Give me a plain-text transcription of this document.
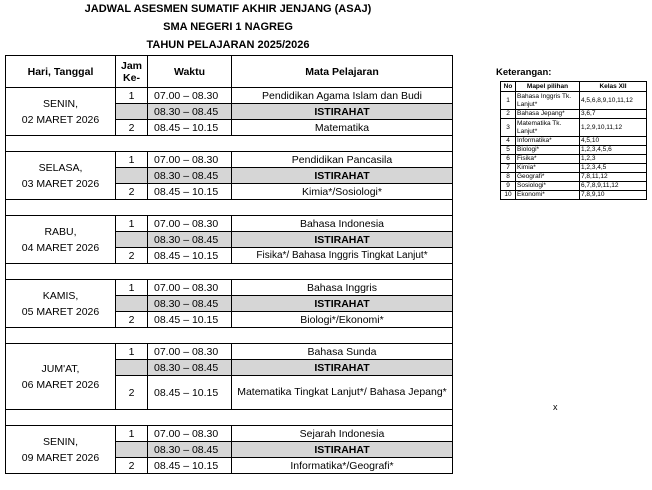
JADWAL ASESMEN SUMATIF AKHIR JENJANG (ASAJ)
SMA NEGERI 1 NAGREG
TAHUN PELAJARAN 2025/2026
Hari, Tanggal	Jam Ke-	Waktu	Mata Pelajaran

SENIN,
02 MARET 2026	1	07.00 – 08.30	Pendidikan Agama Islam dan Budi
		08.30 – 08.45	ISTIRAHAT
	2	08.45 – 10.15	Matematika

SELASA,
03 MARET 2026	1	07.00 – 08.30	Pendidikan Pancasila
		08.30 – 08.45	ISTIRAHAT
	2	08.45 – 10.15	Kimia*/Sosiologi*

RABU,
04 MARET 2026	1	07.00 – 08.30	Bahasa Indonesia
		08.30 – 08.45	ISTIRAHAT
	2	08.45 – 10.15	Fisika*/ Bahasa Inggris Tingkat Lanjut*

KAMIS,
05 MARET 2026	1	07.00 – 08.30	Bahasa Inggris
		08.30 – 08.45	ISTIRAHAT
	2	08.45 – 10.15	Biologi*/Ekonomi*

JUM'AT,
06 MARET 2026	1	07.00 – 08.30	Bahasa Sunda
		08.30 – 08.45	ISTIRAHAT
	2	08.45 – 10.15	Matematika Tingkat Lanjut*/ Bahasa Jepang*

SENIN,
09 MARET 2026	1	07.00 – 08.30	Sejarah Indonesia
		08.30 – 08.45	ISTIRAHAT
	2	08.45 – 10.15	Informatika*/Geografi*
Keterangan:
No	Mapel pilihan	Kelas XII
1	Bahasa Inggris Tk. Lanjut*	4,5,6,8,9,10,11,12
2	Bahasa Jepang*	3,6,7
3	Matematika Tk. Lanjut*	1,2,9,10,11,12
4	Informatika*	4,5,10
5	Biologi*	1,2,3,4,5,6
6	Fisika*	1,2,3
7	Kimia*	1,2,3,4,5
8	Geografi*	7,8,11,12
9	Sosiologi*	6,7,8,9,11,12
10	Ekonomi*	7,8,9,10
x
